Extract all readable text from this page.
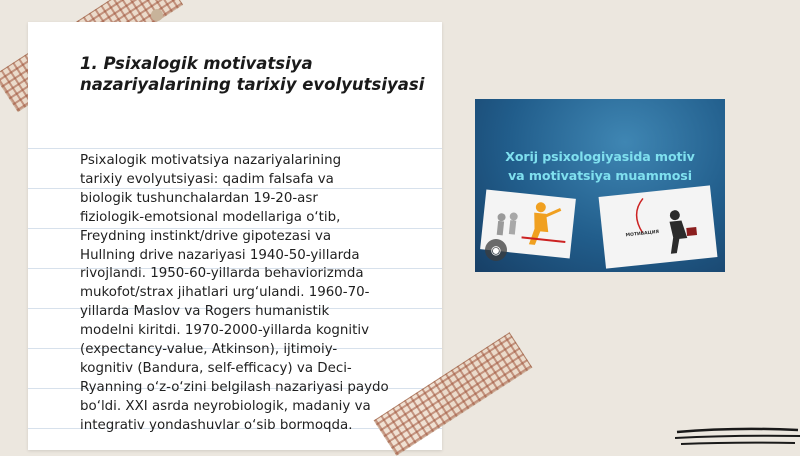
1. Psixalogik motivatsiya
nazariyalarining tarixiy evolyutsiyasi
Psixalogik motivatsiya nazariyalarining
tarixiy evolyutsiyasi: qadim falsafa va
biologik tushunchalardan 19-20-asr
fiziologik-emotsional modellariga o‘tib,
Freydning instinkt/drive gipotezasi va
Hullning drive nazariyasi 1940-50-yillarda
rivojlandi. 1950-60-yillarda behaviorizmda
mukofot/strax jihatlari urg‘ulandi. 1960-70-
yillarda Maslov va Rogers humanistik
modelni kiritdi. 1970-2000-yillarda kognitiv
(expectancy-value, Atkinson), ijtimoiy-
kognitiv (Bandura, self-efficacy) va Deci-
Ryanning o‘z-o‘zini belgilash nazariyasi paydo
bo‘ldi. XXI asrda neyrobiologik, madaniy va
integrativ yondashuvlar o‘sib bormoqda.
Xorij psixologiyasida motiv
va motivatsiya muammosi
МОТИВАЦИЯ
◉
